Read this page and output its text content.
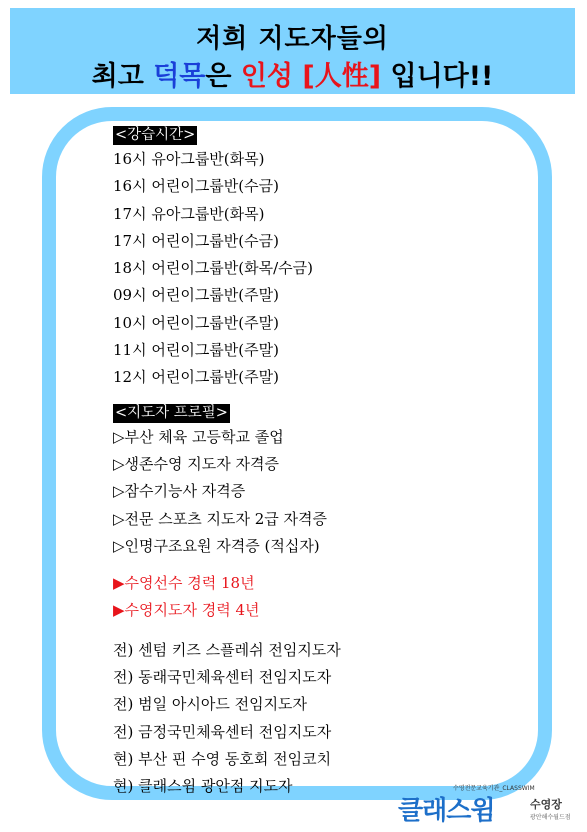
저희 지도자들의
최고 덕목은 인성 [人性] 입니다!!
<강습시간>
16시 유아그룹반(화목)
16시 어린이그룹반(수금)
17시 유아그룹반(화목)
17시 어린이그룹반(수금)
18시 어린이그룹반(화목/수금)
09시 어린이그룹반(주말)
10시 어린이그룹반(주말)
11시 어린이그룹반(주말)
12시 어린이그룹반(주말)
<지도자 프로필>
▷부산 체육 고등학교 졸업
▷생존수영 지도자 자격증
▷잠수기능사 자격증
▷전문 스포츠 지도자 2급 자격증
▷인명구조요원 자격증 (적십자)
▶수영선수 경력 18년
▶수영지도자 경력 4년
전) 센텀 키즈 스플레쉬 전임지도자
전) 동래국민체육센터 전임지도자
전) 범일 아시아드 전임지도자
전) 금정국민체육센터 전임지도자
현) 부산 핀 수영 동호회 전임코치
현) 클래스윔 광안점 지도자	수영전문교육기관_CLASSWIM
클래스윔	수영장
광안해수월드점
